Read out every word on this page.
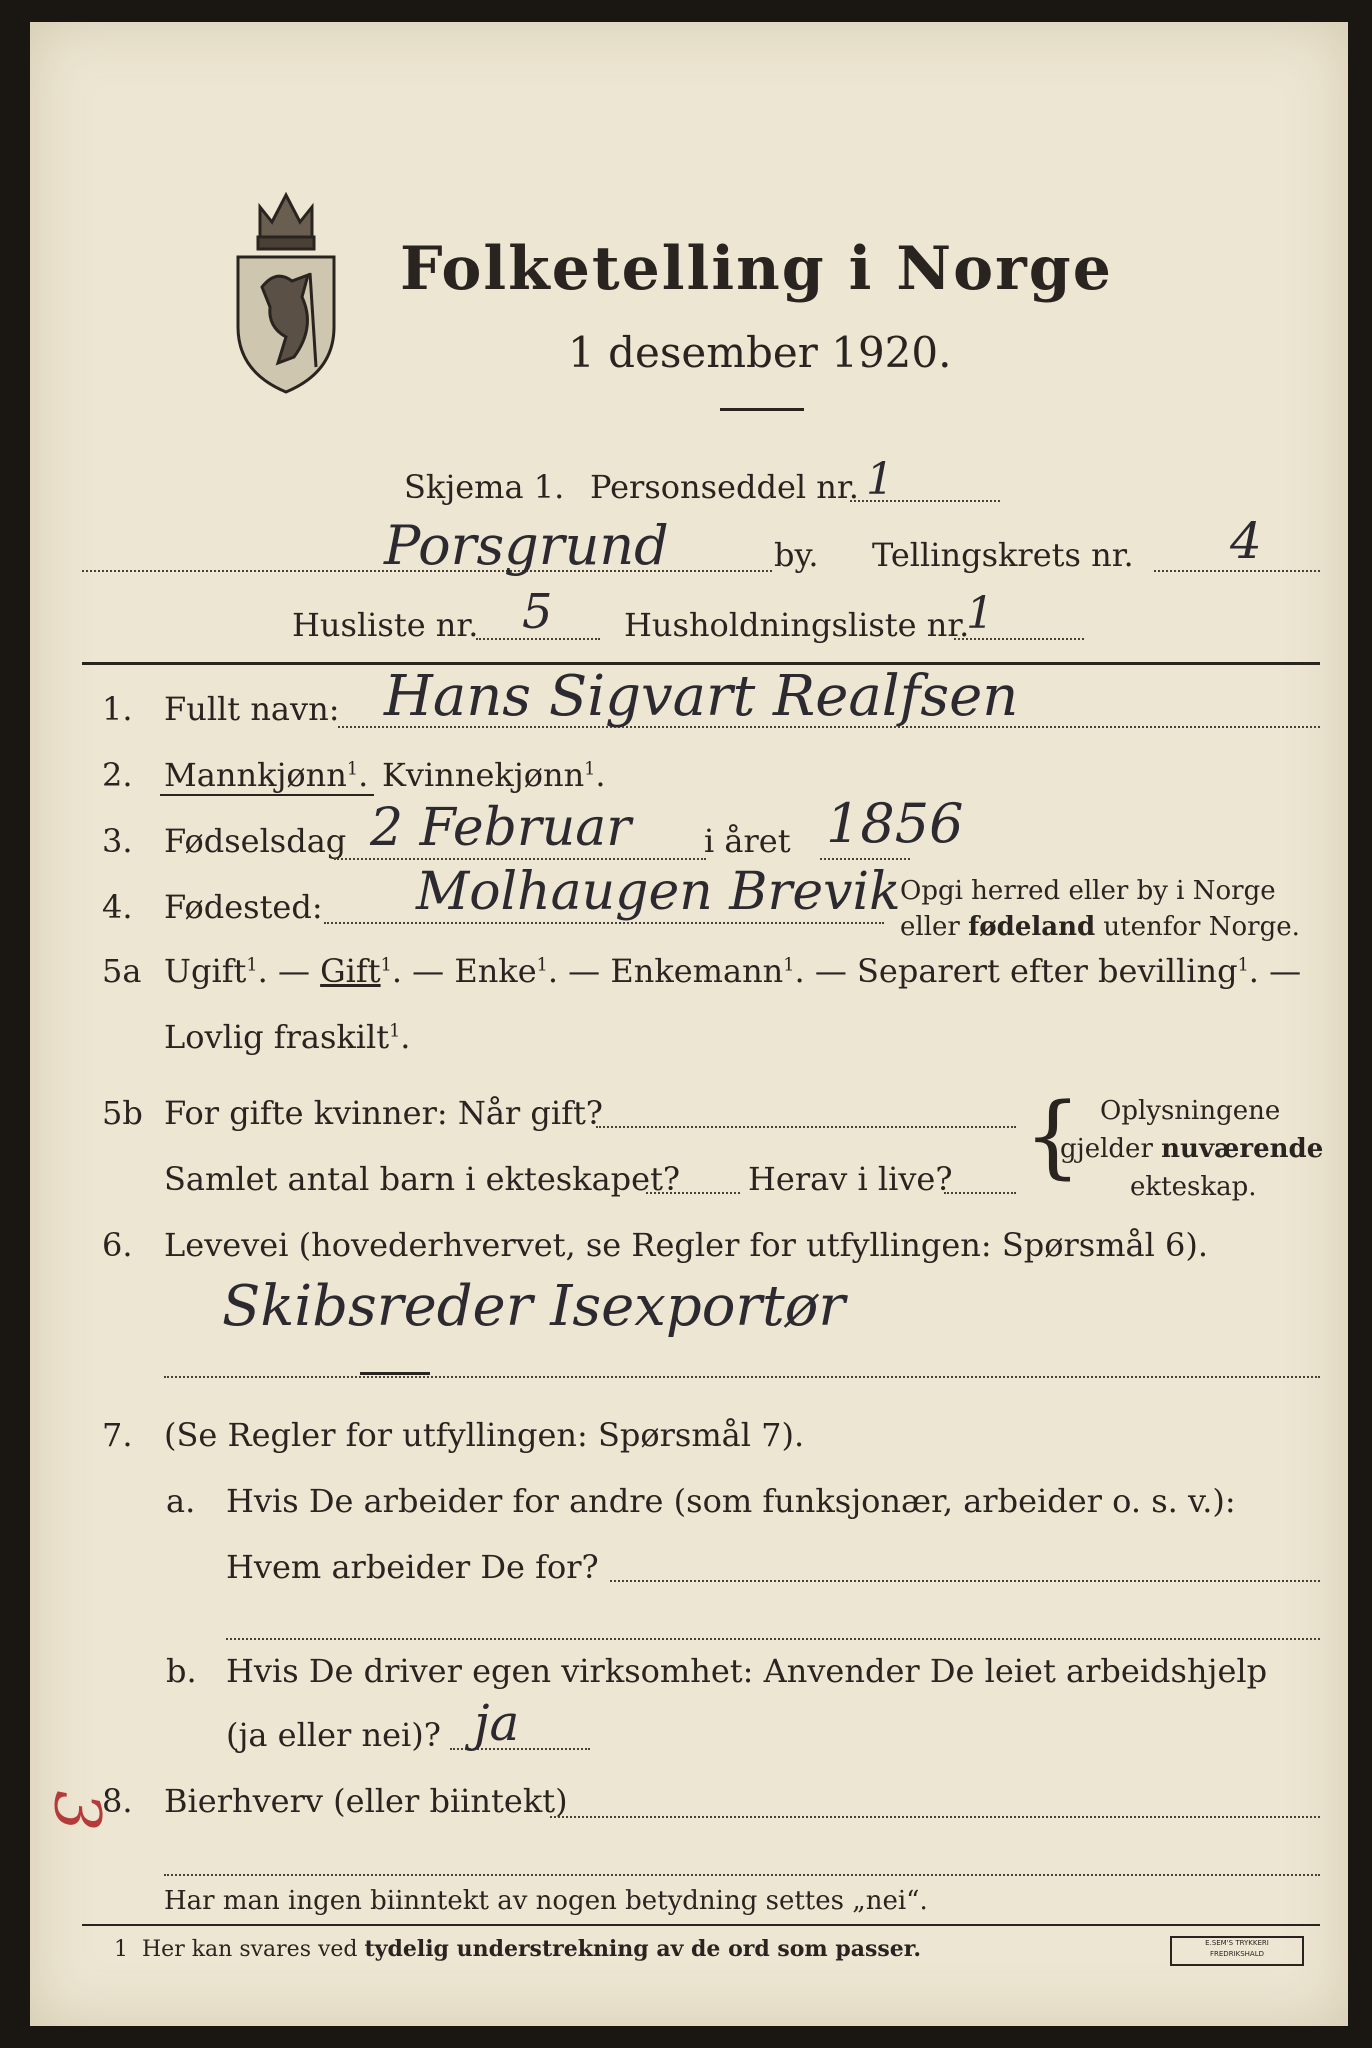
Folketelling i Norge
1 desember 1920.
Skjema 1. Personseddel nr. 1
Porsgrund	by. Tellingskrets nr. 4
Husliste nr. 5 Husholdningsliste nr.
1
1. Fullt navn: Hans Sigvart Realfsen
2. Mannkjønn$^1$. Kvinnekjønn$^1$.
3. Fødselsdag 2 Februar i året 1856
4. Fødested: Molhaugen Brevik Opgi herred eller by i Norge
eller fødeland utenfor Norge.
5a Ugift$^1$. — Gift$^1$. — Enke$^1$. — Enkemann$^1$. — Separert efter bevilling$^1$. —
Lovlig fraskilt$^1$.
5b For gifte kvinner: Når gift?
Samlet antal barn i ekteskapet? Herav i live? { Oplysningene
gjelder nuværende
ekteskap.
6. Levevei (hovederhvervet, se Regler for utfyllingen: Spørsmål 6).
Skibsreder Isexportør
7. (Se Regler for utfyllingen: Spørsmål 7).
a. Hvis De arbeider for andre (som funksjonær, arbeider o. s. v.):
Hvem arbeider De for?
b. Hvis De driver egen virksomhet: Anvender De leiet arbeidshjelp
(ja eller nei)? ja
3
8. Bierhverv (eller biintekt)
Har man ingen biinntekt av nogen betydning settes „nei“.
1 Her kan svares ved tydelig understrekning av de ord som passer.	E.SEM'S TRYKKERI
FREDRIKSHALD
